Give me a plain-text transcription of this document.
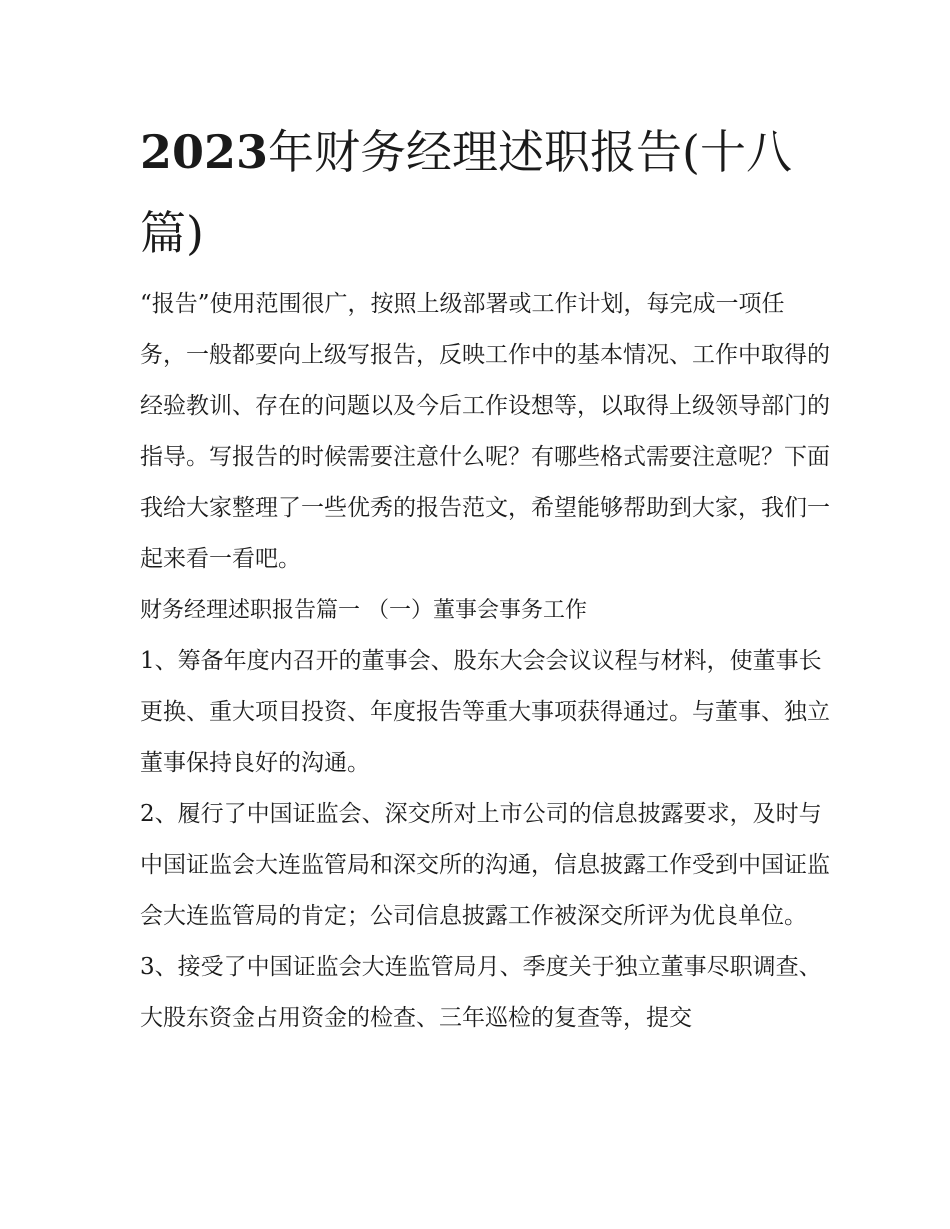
2023年财务经理述职报告(十八篇)

“报告”使用范围很广，按照上级部署或工作计划，每完成一项任务，一般都要向上级写报告，反映工作中的基本情况、工作中取得的经验教训、存在的问题以及今后工作设想等，以取得上级领导部门的指导。写报告的时候需要注意什么呢？有哪些格式需要注意呢？下面我给大家整理了一些优秀的报告范文，希望能够帮助到大家，我们一起来看一看吧。

财务经理述职报告篇一 （一）董事会事务工作

1、筹备年度内召开的董事会、股东大会会议议程与材料，使董事长更换、重大项目投资、年度报告等重大事项获得通过。与董事、独立董事保持良好的沟通。

2、履行了中国证监会、深交所对上市公司的信息披露要求，及时与中国证监会大连监管局和深交所的沟通，信息披露工作受到中国证监会大连监管局的肯定；公司信息披露工作被深交所评为优良单位。

3、接受了中国证监会大连监管局月、季度关于独立董事尽职调查、大股东资金占用资金的检查、三年巡检的复查等，提交
